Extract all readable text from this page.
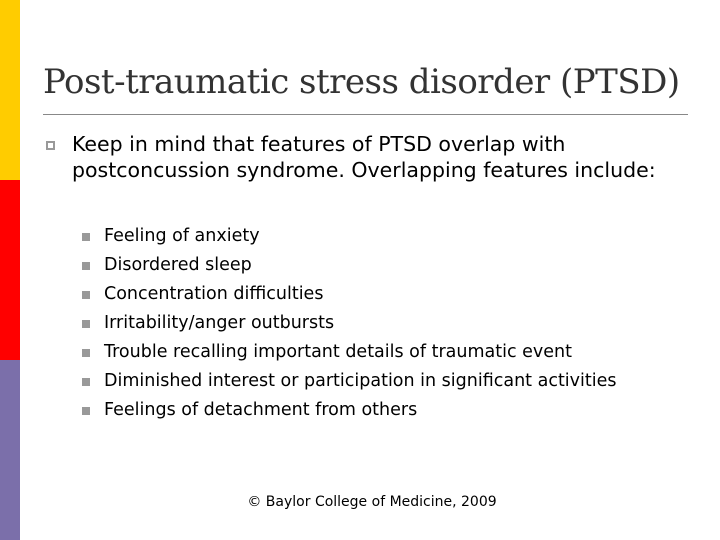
Post-traumatic stress disorder (PTSD)
Keep in mind that features of PTSD overlap with postconcussion syndrome. Overlapping features include:
Feeling of anxiety
Disordered sleep
Concentration difficulties
Irritability/anger outbursts
Trouble recalling important details of traumatic event
Diminished interest or participation in significant activities
Feelings of detachment from others
© Baylor College of Medicine, 2009
